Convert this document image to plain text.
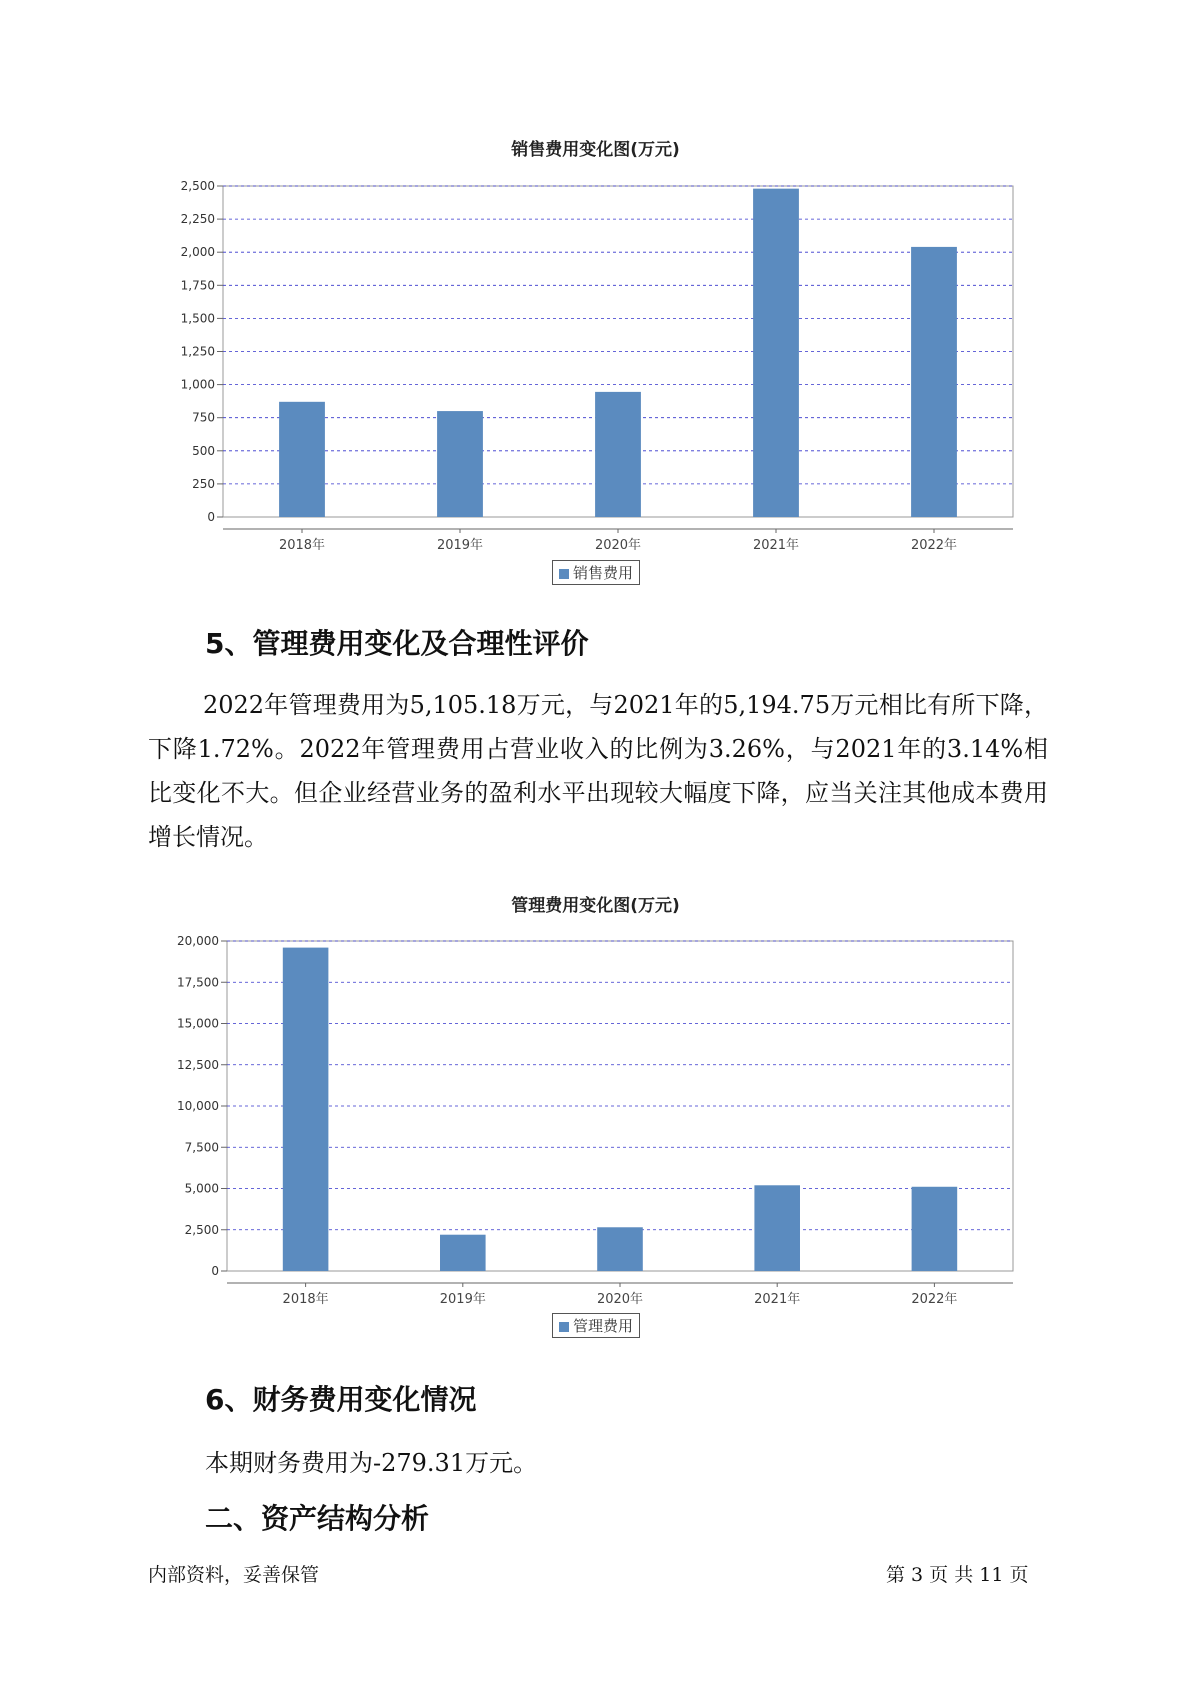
销售费用变化图(万元)
0
250
500
750
1,000
1,250
1,500
1,750
2,000
2,250
2,500
2018年	2019年	2020年	2021年	2022年
销售费用
5、管理费用变化及合理性评价

2022年管理费用为5,105.18万元，与2021年的5,194.75万元相比有所下降，下降1.72%。2022年管理费用占营业收入的比例为3.26%，与2021年的3.14%相比变化不大。但企业经营业务的盈利水平出现较大幅度下降，应当关注其他成本费用增长情况。

管理费用变化图(万元)
0
2,500
5,000
7,500
10,000
12,500
15,000
17,500
20,000
2018年	2019年	2020年	2021年	2022年
管理费用
6、财务费用变化情况
本期财务费用为-279.31万元。
二、资产结构分析
内部资料，妥善保管	第 3 页 共 11 页
